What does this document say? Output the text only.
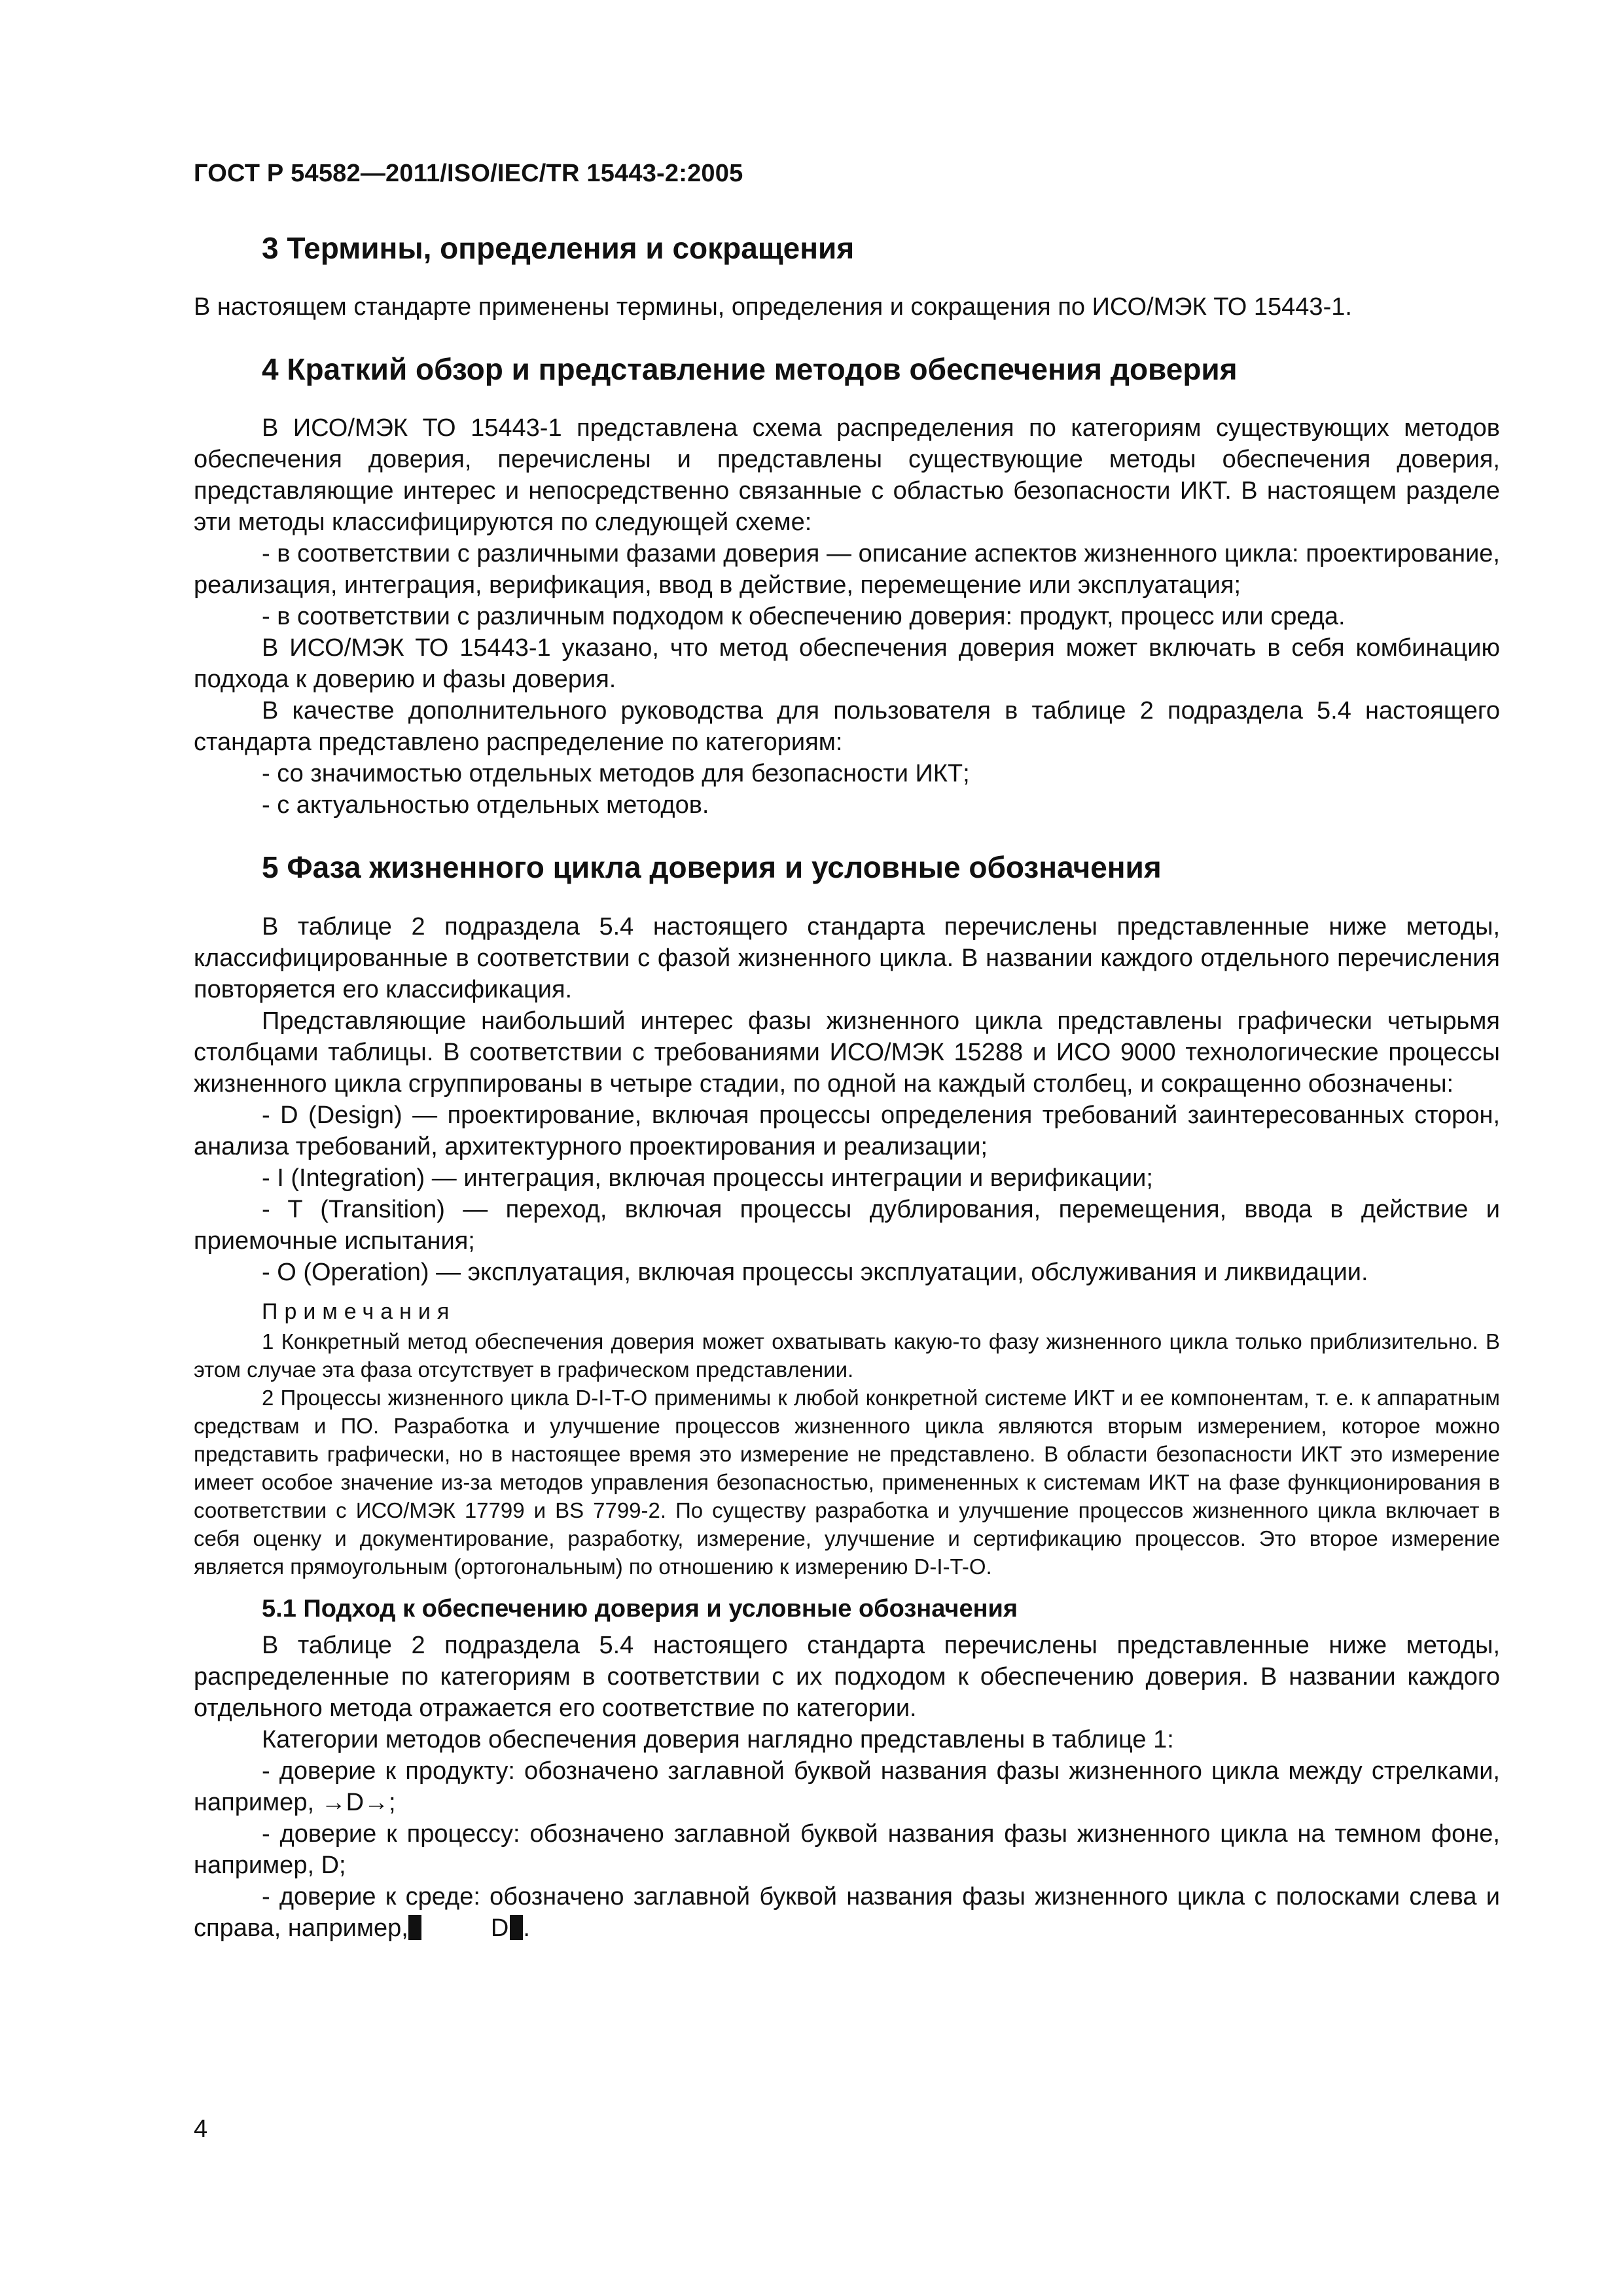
ГОСТ Р 54582—2011/ISO/IEC/TR 15443-2:2005
3 Термины, определения и сокращения

В настоящем стандарте применены термины, определения и сокращения по ИСО/МЭК ТО 15443-1.

4 Краткий обзор и представление методов обеспечения доверия

В ИСО/МЭК ТО 15443-1 представлена схема распределения по категориям существующих методов обеспечения доверия, перечислены и представлены существующие методы обеспечения доверия, представляющие интерес и непосредственно связанные с областью безопасности ИКТ. В настоящем разделе эти методы классифицируются по следующей схеме:

- в соответствии с различными фазами доверия — описание аспектов жизненного цикла: проектирование, реализация, интеграция, верификация, ввод в действие, перемещение или эксплуатация;

- в соответствии с различным подходом к обеспечению доверия: продукт, процесс или среда.

В ИСО/МЭК ТО 15443-1 указано, что метод обеспечения доверия может включать в себя комбинацию подхода к доверию и фазы доверия.

В качестве дополнительного руководства для пользователя в таблице 2 подраздела 5.4 настоящего стандарта представлено распределение по категориям:

- со значимостью отдельных методов для безопасности ИКТ;

- с актуальностью отдельных методов.

5 Фаза жизненного цикла доверия и условные обозначения

В таблице 2 подраздела 5.4 настоящего стандарта перечислены представленные ниже методы, классифицированные в соответствии с фазой жизненного цикла. В названии каждого отдельного перечисления повторяется его классификация.

Представляющие наибольший интерес фазы жизненного цикла представлены графически четырьмя столбцами таблицы. В соответствии с требованиями ИСО/МЭК 15288 и ИСО 9000 технологические процессы жизненного цикла сгруппированы в четыре стадии, по одной на каждый столбец, и сокращенно обозначены:

- D (Design) — проектирование, включая процессы определения требований заинтересованных сторон, анализа требований, архитектурного проектирования и реализации;

- I (Integration) — интеграция, включая процессы интеграции и верификации;

- T (Transition) — переход, включая процессы дублирования, перемещения, ввода в действие и приемочные испытания;

- O (Operation) — эксплуатация, включая процессы эксплуатации, обслуживания и ликвидации.

Примечания

1 Конкретный метод обеспечения доверия может охватывать какую-то фазу жизненного цикла только приблизительно. В этом случае эта фаза отсутствует в графическом представлении.

2 Процессы жизненного цикла D-I-T-O применимы к любой конкретной системе ИКТ и ее компонентам, т. е. к аппаратным средствам и ПО. Разработка и улучшение процессов жизненного цикла являются вторым измерением, которое можно представить графически, но в настоящее время это измерение не представлено. В области безопасности ИКТ это измерение имеет особое значение из-за методов управления безопасностью, примененных к системам ИКТ на фазе функционирования в соответствии с ИСО/МЭК 17799 и BS 7799-2. По существу разработка и улучшение процессов жизненного цикла включает в себя оценку и документирование, разработку, измерение, улучшение и сертификацию процессов. Это второе измерение является прямоугольным (ортогональным) по отношению к измерению D-I-T-O.

5.1 Подход к обеспечению доверия и условные обозначения

В таблице 2 подраздела 5.4 настоящего стандарта перечислены представленные ниже методы, распределенные по категориям в соответствии с их подходом к обеспечению доверия. В названии каждого отдельного метода отражается его соответствие по категории.

Категории методов обеспечения доверия наглядно представлены в таблице 1:

- доверие к продукту: обозначено заглавной буквой названия фазы жизненного цикла между стрелками, например, →D→;

- доверие к процессу: обозначено заглавной буквой названия фазы жизненного цикла на темном фоне, например, D;

- доверие к среде: обозначено заглавной буквой названия фазы жизненного цикла с полосками слева и справа, например,	D .

4
